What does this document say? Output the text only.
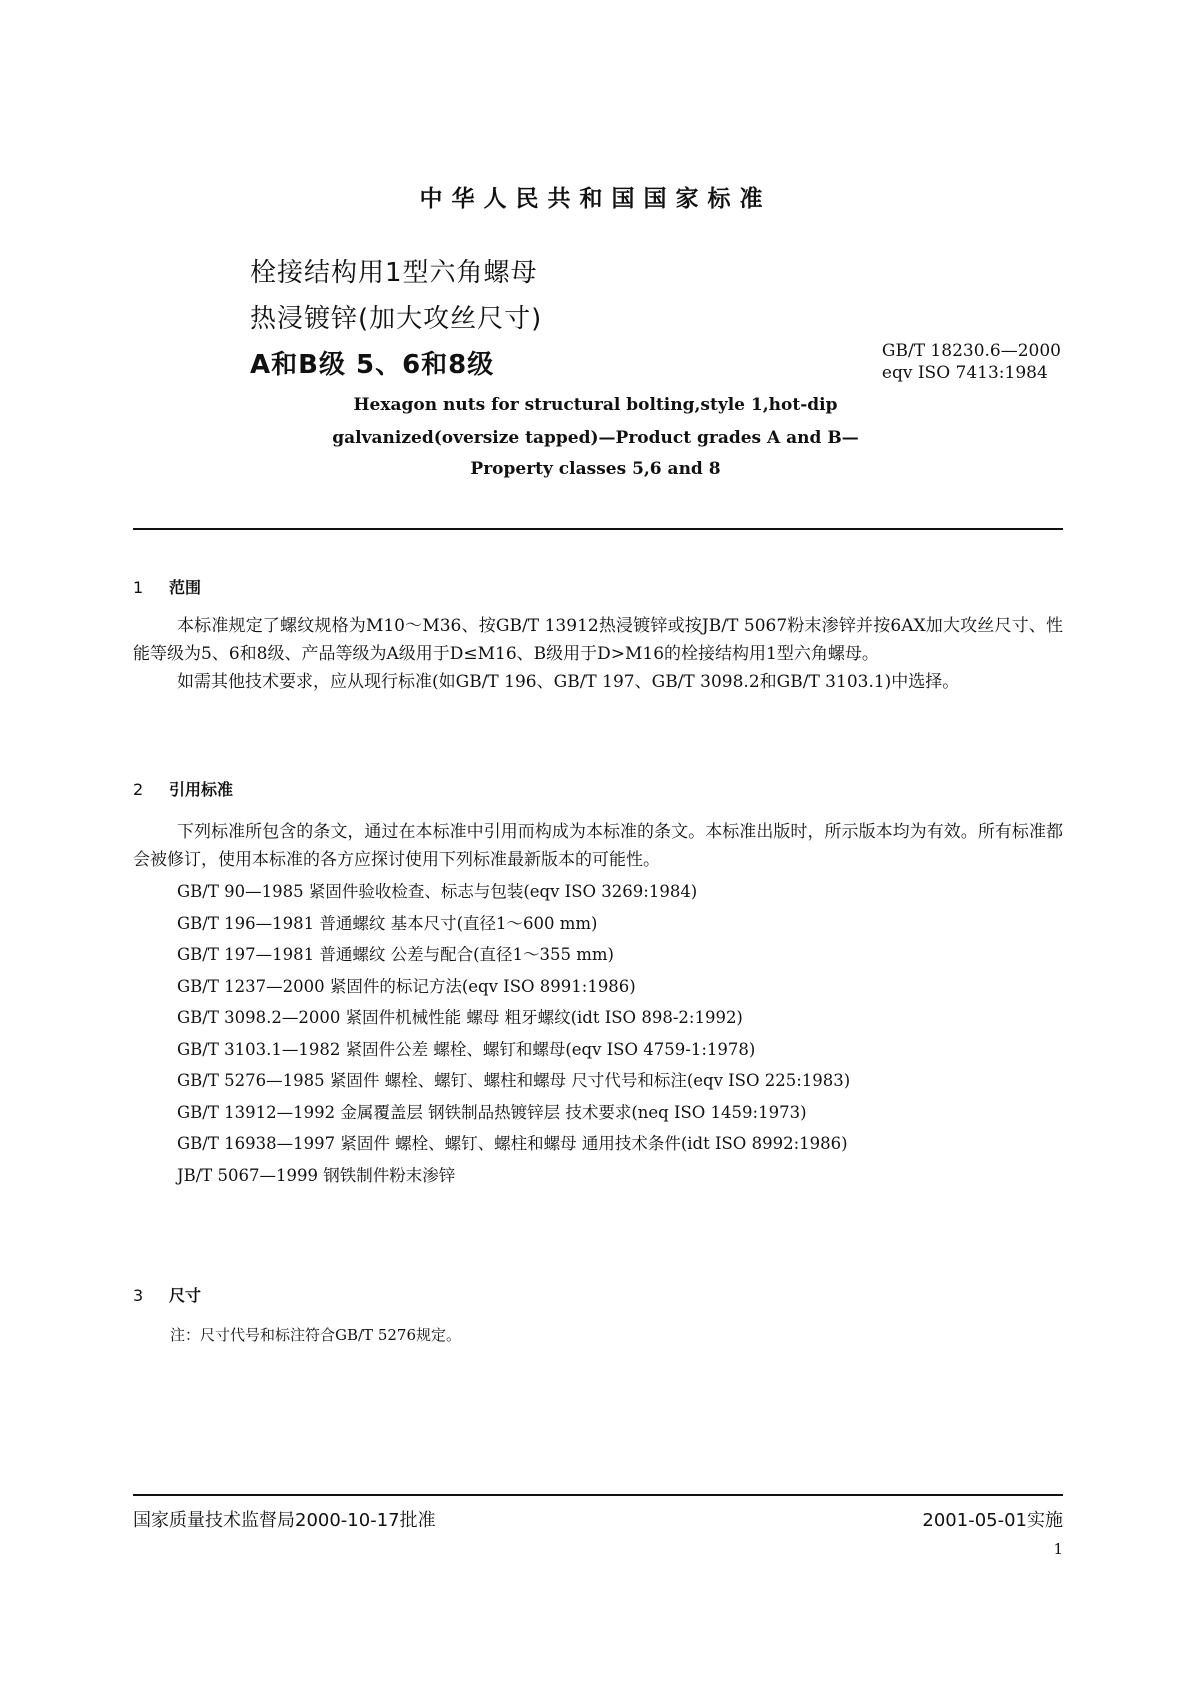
中华人民共和国国家标准
栓接结构用1型六角螺母
热浸镀锌(加大攻丝尺寸)
A和B级 5、6和8级	GB/T 18230.6—2000
eqv ISO 7413:1984
Hexagon nuts for structural bolting,style 1,hot-dip
galvanized(oversize tapped)—Product grades A and B—
Property classes 5,6 and 8
1 范围

本标准规定了螺纹规格为M10～M36、按GB/T 13912热浸镀锌或按JB/T 5067粉末渗锌并按6AX加大攻丝尺寸、性能等级为5、6和8级、产品等级为A级用于D≤M16、B级用于D>M16的栓接结构用1型六角螺母。

如需其他技术要求，应从现行标准(如GB/T 196、GB/T 197、GB/T 3098.2和GB/T 3103.1)中选择。

2 引用标准

下列标准所包含的条文，通过在本标准中引用而构成为本标准的条文。本标准出版时，所示版本均为有效。所有标准都会被修订，使用本标准的各方应探讨使用下列标准最新版本的可能性。

GB/T 90—1985 紧固件验收检查、标志与包装(eqv ISO 3269:1984)
GB/T 196—1981 普通螺纹 基本尺寸(直径1～600 mm)
GB/T 197—1981 普通螺纹 公差与配合(直径1～355 mm)
GB/T 1237—2000 紧固件的标记方法(eqv ISO 8991:1986)
GB/T 3098.2—2000 紧固件机械性能 螺母 粗牙螺纹(idt ISO 898-2:1992)
GB/T 3103.1—1982 紧固件公差 螺栓、螺钉和螺母(eqv ISO 4759-1:1978)
GB/T 5276—1985 紧固件 螺栓、螺钉、螺柱和螺母 尺寸代号和标注(eqv ISO 225:1983)
GB/T 13912—1992 金属覆盖层 钢铁制品热镀锌层 技术要求(neq ISO 1459:1973)
GB/T 16938—1997 紧固件 螺栓、螺钉、螺柱和螺母 通用技术条件(idt ISO 8992:1986)
JB/T 5067—1999 钢铁制件粉末渗锌
3 尺寸
注：尺寸代号和标注符合GB/T 5276规定。
国家质量技术监督局2000-10-17批准	2001-05-01实施
1
